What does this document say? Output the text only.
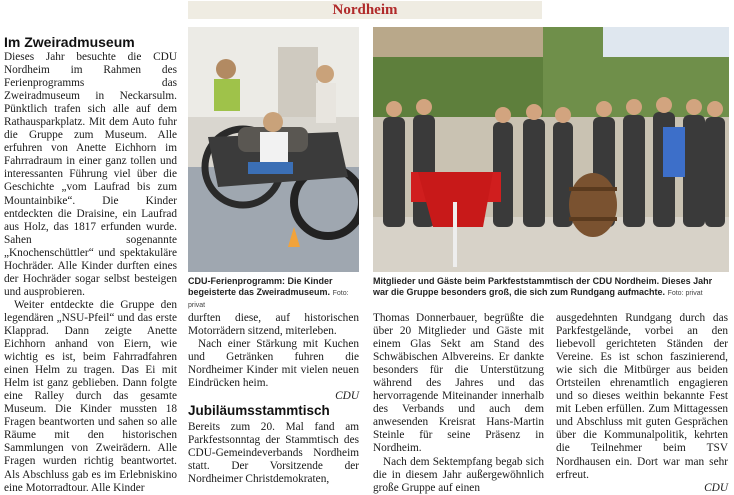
Nordheim
Im Zweiradmuseum

Dieses Jahr besuchte die CDU Nordheim im Rahmen des Ferienprogramms das Zweiradmuseum in Neckarsulm. Pünktlich trafen sich alle auf dem Rathausparkplatz. Mit dem Auto fuhr die Gruppe zum Museum. Alle erfuhren von Anette Eichhorn im Fahrradraum in einer ganz tollen und interessanten Führung viel über die Geschichte „vom Laufrad bis zum Mountainbike“. Die Kinder entdeckten die Draisine, ein Laufrad aus Holz, das 1817 erfunden wurde. Sahen sogenannte „Knochenschüttler“ und spektakuläre Hochräder. Alle Kinder durften eines der Hochräder sogar selbst besteigen und ausprobieren.

Weiter entdeckte die Gruppe den legendären „NSU-Pfeil“ und das erste Klapprad. Dann zeigte Anette Eichhorn anhand von Eiern, wie wichtig es ist, beim Fahrradfahren einen Helm zu tragen. Das Ei mit Helm ist ganz geblieben. Dann folgte eine Ralley durch das gesamte Museum. Die Kinder mussten 18 Fragen beantworten und sahen so alle Räume mit den historischen Sammlungen von Zweirädern. Alle Fragen wurden richtig beantwortet. Als Abschluss gab es im Erlebniskino eine Motorradtour. Alle Kinder

CDU-Ferienprogramm: Die Kinder begeisterte das Zweiradmuseum. Foto: privat
Mitglieder und Gäste beim Parkfeststammtisch der CDU Nordheim. Dieses Jahr war die Gruppe besonders groß, die sich zum Rundgang aufmachte. Foto: privat

durften diese, auf historischen Motorrädern sitzend, miterleben.

Nach einer Stärkung mit Kuchen und Getränken fuhren die Nordheimer Kinder mit vielen neuen Eindrücken heim.

CDU

Jubiläumsstammtisch

Bereits zum 20. Mal fand am Parkfestsonntag der Stammtisch des CDU-Gemeindeverbands Nordheim statt. Der Vorsitzende der Nordheimer Christdemokraten,

Thomas Donnerbauer, begrüßte die über 20 Mitglieder und Gäste mit einem Glas Sekt am Stand des Schwäbischen Albvereins. Er dankte besonders für die Unterstützung während des Jahres und das hervorragende Miteinander innerhalb des Verbands und auch dem anwesenden Kreisrat Hans-Martin Steinle für seine Präsenz in Nordheim.

Nach dem Sektempfang begab sich die in diesem Jahr außergewöhnlich große Gruppe auf einen

ausgedehnten Rundgang durch das Parkfestgelände, vorbei an den liebevoll gerichteten Ständen der Vereine. Es ist schon faszinierend, wie sich die Mitbürger aus beiden Ortsteilen ehrenamtlich engagieren und so dieses weithin bekannte Fest mit Leben erfüllen. Zum Mittagessen und Abschluss mit guten Gesprächen über die Kommunalpolitik, kehrten die Teilnehmer beim TSV Nordhausen ein. Dort war man sehr erfreut.

CDU
